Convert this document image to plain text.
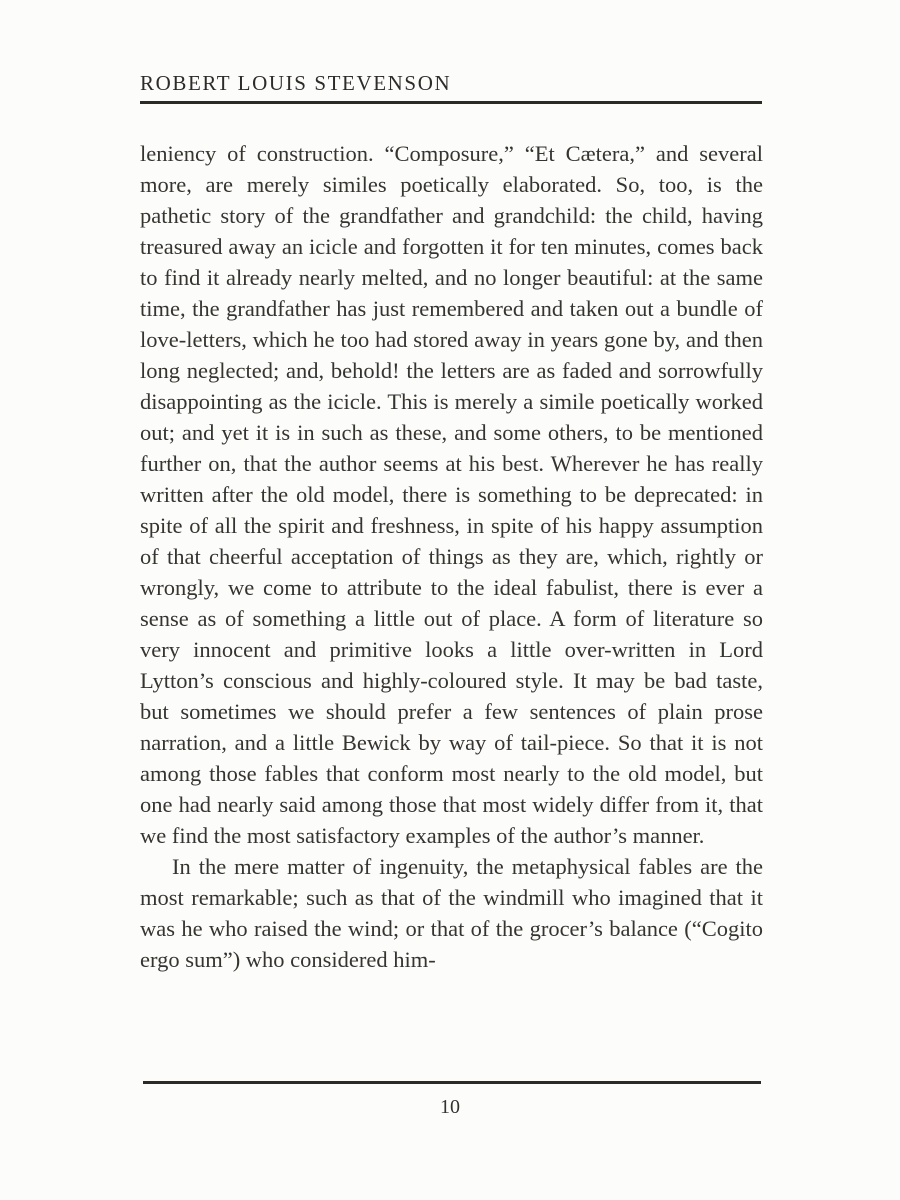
ROBERT LOUIS STEVENSON

leniency of construction. “Composure,” “Et Cætera,” and several more, are merely similes poetically elaborated. So, too, is the pathetic story of the grandfather and grandchild: the child, having treasured away an icicle and forgotten it for ten minutes, comes back to find it already nearly melted, and no longer beautiful: at the same time, the grandfather has just remembered and taken out a bundle of love-letters, which he too had stored away in years gone by, and then long neglected; and, behold! the letters are as faded and sorrowfully disappointing as the icicle. This is merely a simile poetically worked out; and yet it is in such as these, and some others, to be mentioned further on, that the author seems at his best. Wherever he has really written after the old model, there is something to be deprecated: in spite of all the spirit and freshness, in spite of his happy assumption of that cheerful acceptation of things as they are, which, rightly or wrongly, we come to attribute to the ideal fabulist, there is ever a sense as of something a little out of place. A form of literature so very innocent and primitive looks a little over-written in Lord Lytton’s conscious and highly-coloured style. It may be bad taste, but sometimes we should prefer a few sentences of plain prose narration, and a little Bewick by way of tail-piece. So that it is not among those fables that conform most nearly to the old model, but one had nearly said among those that most widely differ from it, that we find the most satisfactory examples of the author’s manner.

In the mere matter of ingenuity, the metaphysical fables are the most remarkable; such as that of the windmill who imagined that it was he who raised the wind; or that of the grocer’s balance (“Cogito ergo sum”) who considered him-

10
